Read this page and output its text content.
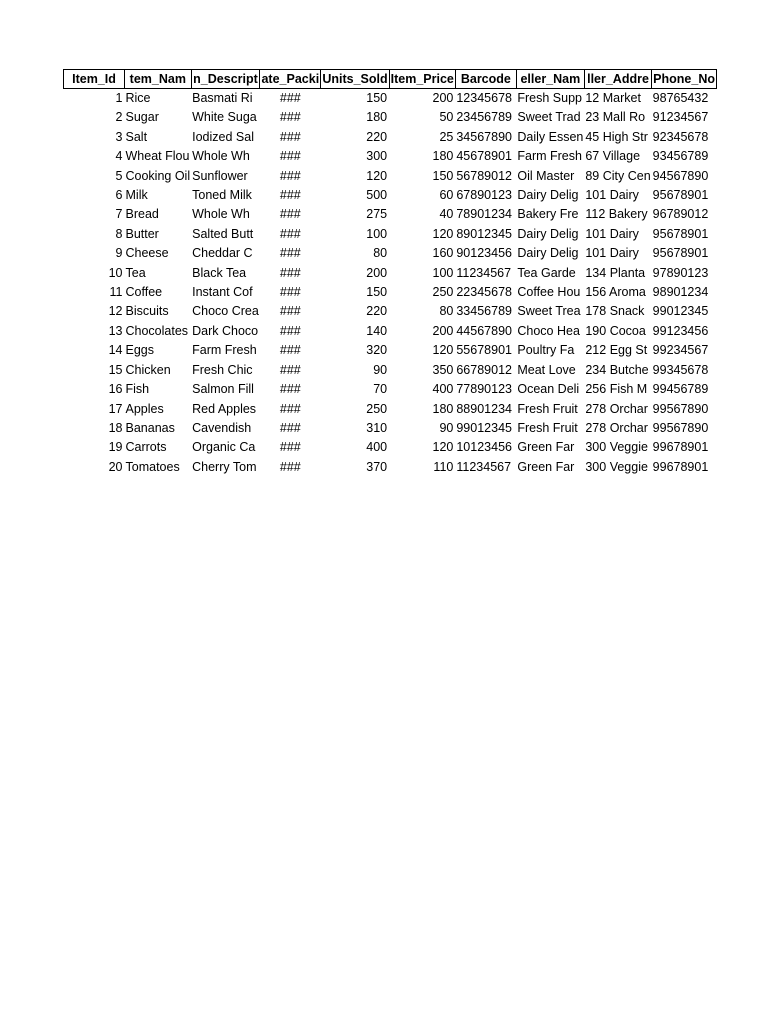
Item_Id	tem_Nam	n_Descript	ate_Packi	Units_Sold	Item_Price	Barcode	eller_Nam	ller_Addre	Phone_No
1	Rice	Basmati Ri	###	150	200	12345678	Fresh Supp	12 Market	98765432
2	Sugar	White Suga	###	180	50	23456789	Sweet Trad	23 Mall Ro	91234567
3	Salt	Iodized Sal	###	220	25	34567890	Daily Essen	45 High Str	92345678
4	Wheat Flou	Whole Wh	###	300	180	45678901	Farm Fresh	67 Village	93456789
5	Cooking Oil	Sunflower	###	120	150	56789012	Oil Master	89 City Cen	94567890
6	Milk	Toned Milk	###	500	60	67890123	Dairy Delig	101 Dairy	95678901
7	Bread	Whole Wh	###	275	40	78901234	Bakery Fre	112 Bakery	96789012
8	Butter	Salted Butt	###	100	120	89012345	Dairy Delig	101 Dairy	95678901
9	Cheese	Cheddar C	###	80	160	90123456	Dairy Delig	101 Dairy	95678901
10	Tea	Black Tea	###	200	100	11234567	Tea Garde	134 Planta	97890123
11	Coffee	Instant Cof	###	150	250	22345678	Coffee Hou	156 Aroma	98901234
12	Biscuits	Choco Crea	###	220	80	33456789	Sweet Trea	178 Snack	99012345
13	Chocolates	Dark Choco	###	140	200	44567890	Choco Hea	190 Cocoa	99123456
14	Eggs	Farm Fresh	###	320	120	55678901	Poultry Fa	212 Egg St	99234567
15	Chicken	Fresh Chic	###	90	350	66789012	Meat Love	234 Butche	99345678
16	Fish	Salmon Fill	###	70	400	77890123	Ocean Deli	256 Fish M	99456789
17	Apples	Red Apples	###	250	180	88901234	Fresh Fruit	278 Orchar	99567890
18	Bananas	Cavendish	###	310	90	99012345	Fresh Fruit	278 Orchar	99567890
19	Carrots	Organic Ca	###	400	120	10123456	Green Far	300 Veggie	99678901
20	Tomatoes	Cherry Tom	###	370	110	11234567	Green Far	300 Veggie	99678901
